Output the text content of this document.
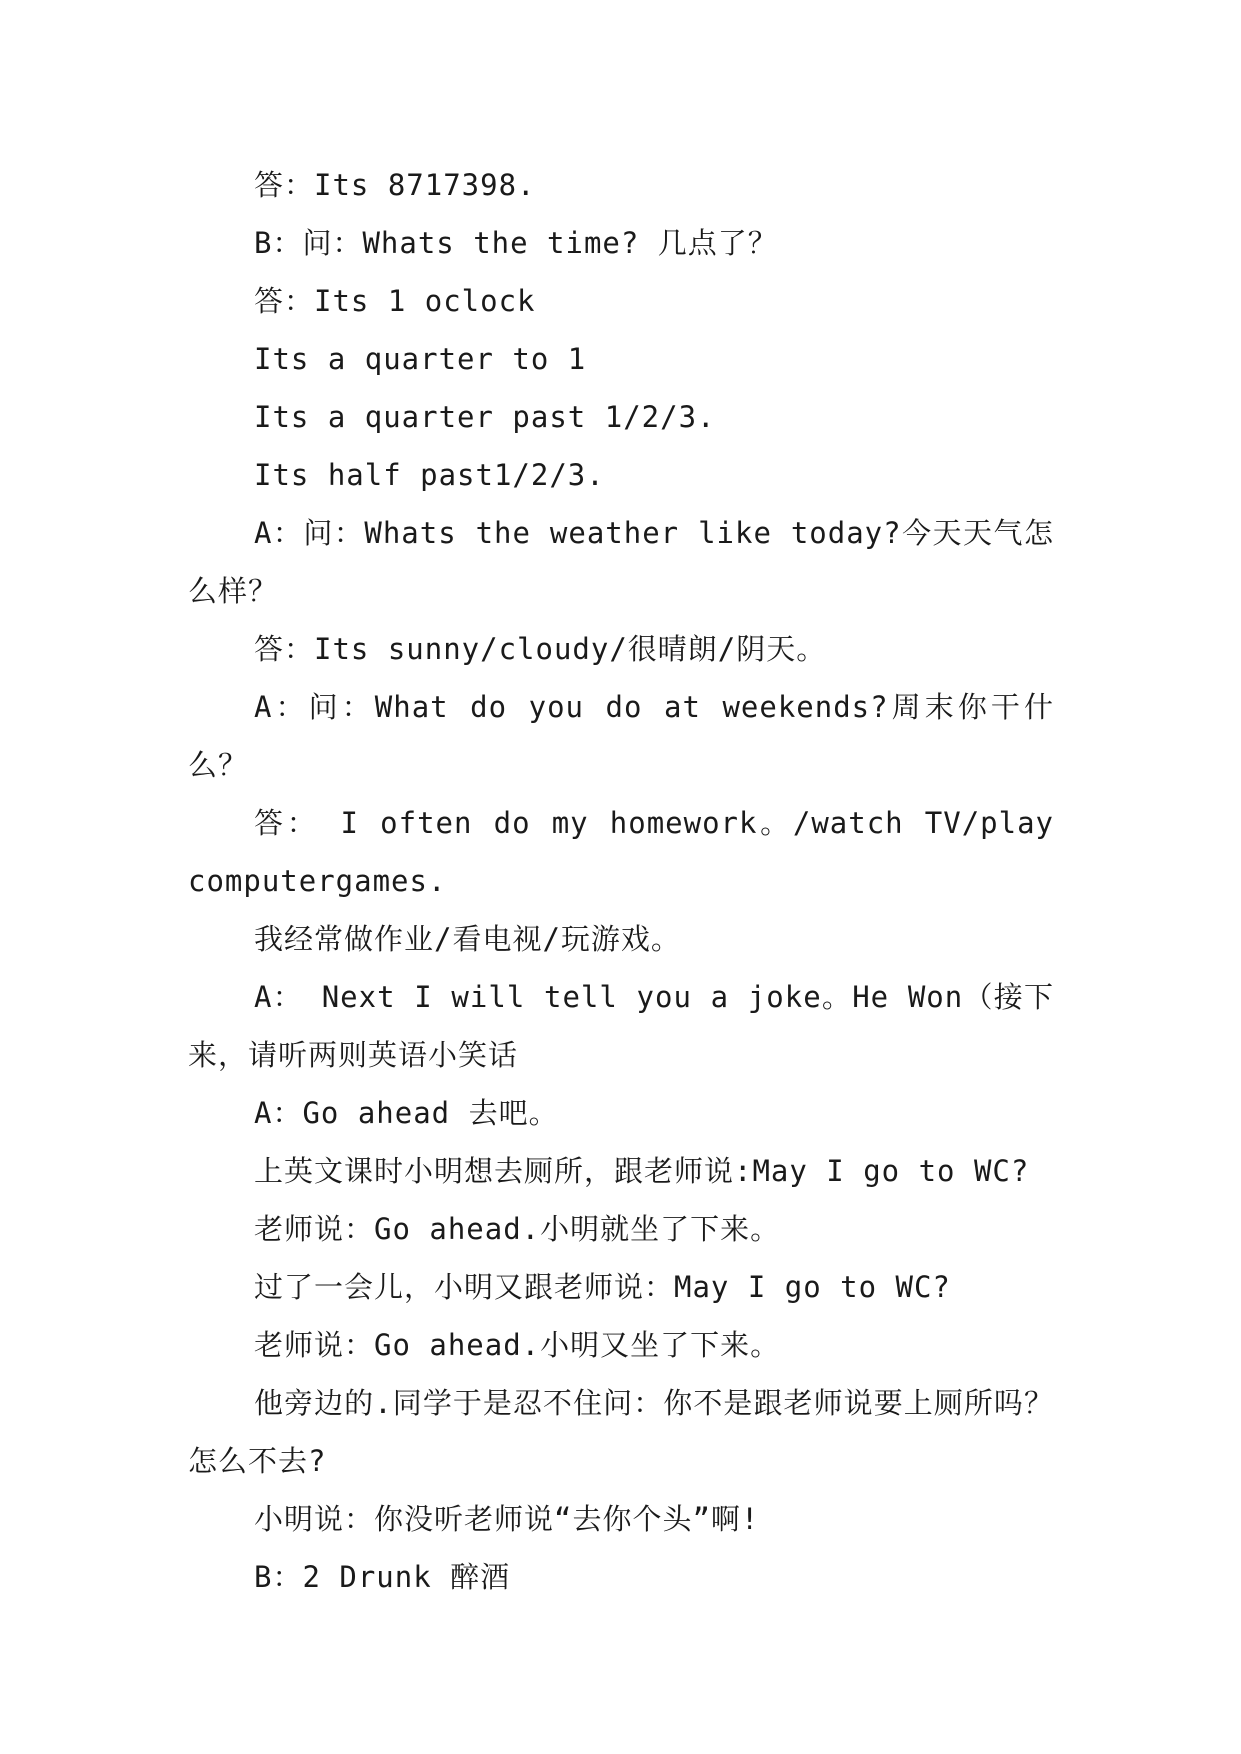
答：Its 8717398.

B：问：Whats the time? 几点了？

答：Its 1 oclock

Its a quarter to 1

Its a quarter past 1/2/3.

Its half past1/2/3.

A：问：Whats the weather like today?今天天气怎么样？

答：Its sunny/cloudy/很晴朗/阴天。

A：问：What do you do at weekends?周末你干什么？

答： I often do my homework。/watch TV/play computergames.

我经常做作业/看电视/玩游戏。

A： Next I will tell you a joke。He Won（接下来，请听两则英语小笑话

A：Go ahead 去吧。

上英文课时小明想去厕所，跟老师说:May I go to WC?

老师说：Go ahead.小明就坐了下来。

过了一会儿，小明又跟老师说：May I go to WC?

老师说：Go ahead.小明又坐了下来。

他旁边的.同学于是忍不住问：你不是跟老师说要上厕所吗？怎么不去?

小明说：你没听老师说“去你个头”啊!

B：2 Drunk 醉酒
